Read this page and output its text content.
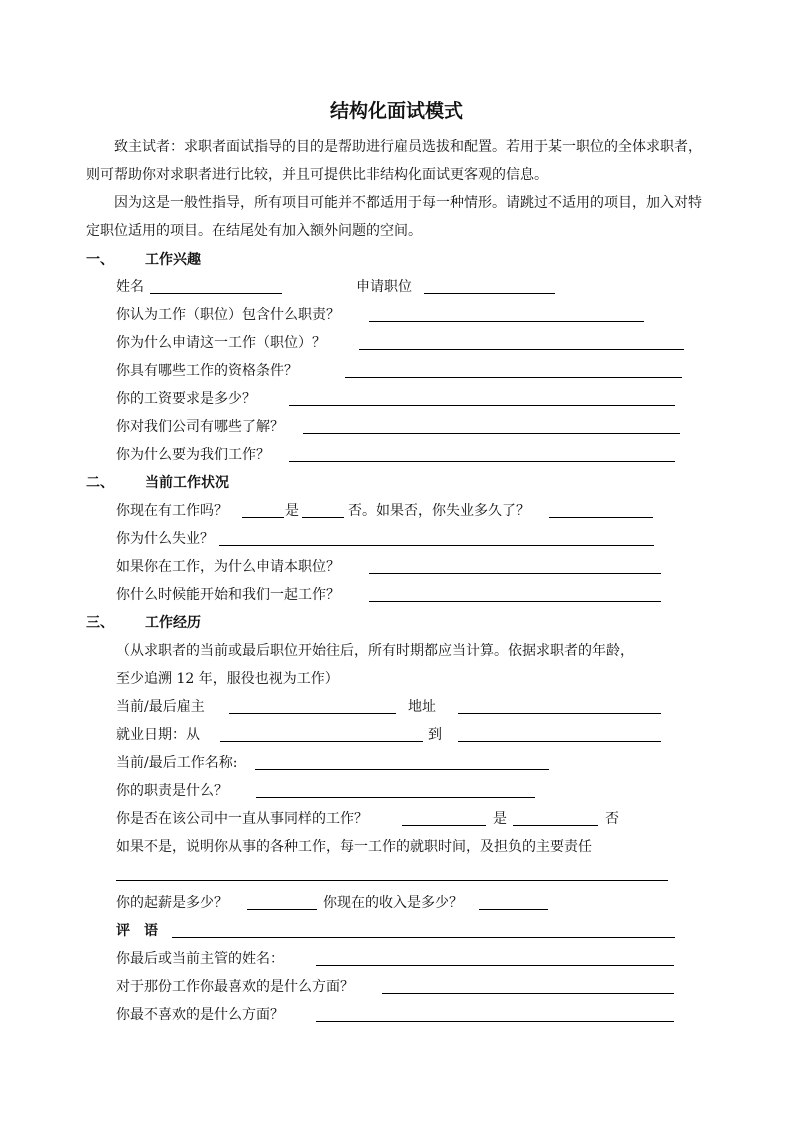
结构化面试模式
致主试者：求职者面试指导的目的是帮助进行雇员选拔和配置。若用于某一职位的全体求职者，则可帮助你对求职者进行比较，并且可提供比非结构化面试更客观的信息。
因为这是一般性指导，所有项目可能并不都适用于每一种情形。请跳过不适用的项目，加入对特定职位适用的项目。在结尾处有加入额外问题的空间。
一、 工作兴趣
姓名	申请职位
你认为工作（职位）包含什么职责？
你为什么申请这一工作（职位）？
你具有哪些工作的资格条件？
你的工资要求是多少？
你对我们公司有哪些了解？
你为什么要为我们工作？
二、 当前工作状况
你现在有工作吗？	是	否。如果否，你失业多久了？
你为什么失业？
如果你在工作，为什么申请本职位？
你什么时候能开始和我们一起工作？
三、 工作经历
（从求职者的当前或最后职位开始往后，所有时期都应当计算。依据求职者的年龄，
至少追溯 12 年，服役也视为工作）
当前/最后雇主	地址
就业日期：从	到
当前/最后工作名称:
你的职责是什么？
你是否在该公司中一直从事同样的工作？	是	否
如果不是，说明你从事的各种工作，每一工作的就职时间，及担负的主要责任
你的起薪是多少？	你现在的收入是多少？
评　语
你最后或当前主管的姓名：
对于那份工作你最喜欢的是什么方面？
你最不喜欢的是什么方面？
